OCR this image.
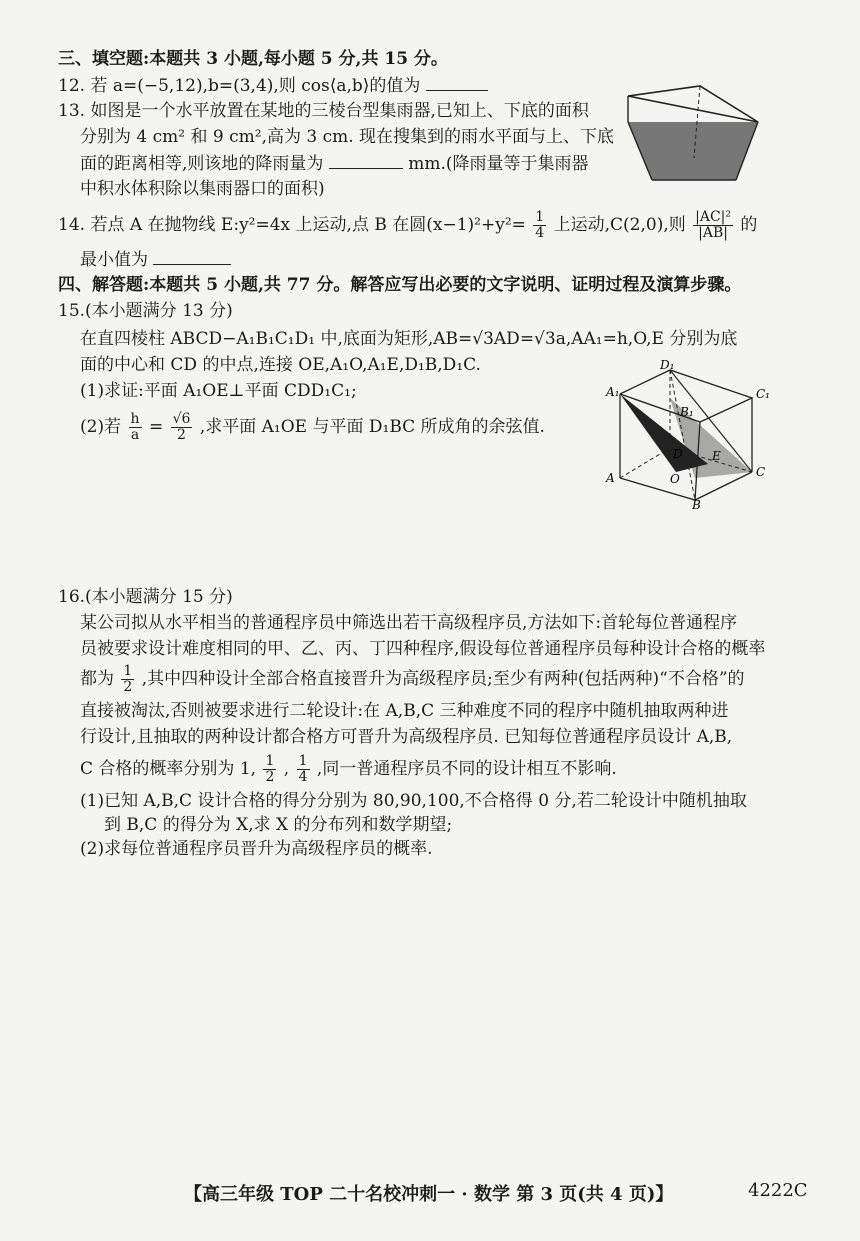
三、填空题:本题共 3 小题,每小题 5 分,共 15 分。
12. 若 a=(−5,12),b=(3,4),则 cos⟨a,b⟩的值为
13. 如图是一个水平放置在某地的三棱台型集雨器,已知上、下底的面积
分别为 4 cm² 和 9 cm²,高为 3 cm. 现在搜集到的雨水平面与上、下底
面的距离相等,则该地的降雨量为	mm.(降雨量等于集雨器
中积水体积除以集雨器口的面积)
14. 若点 A 在抛物线 E:y²=4x 上运动,点 B 在圆$(x-1)^2+y^2= \frac{1}{4}$ 上运动,C(2,0),则 $\frac{\text{|AC|²}}{|AB|}$ 的
最小值为
四、解答题:本题共 5 小题,共 77 分。解答应写出必要的文字说明、证明过程及演算步骤。
15.(本小题满分 13 分)
在直四棱柱 ABCD−A₁B₁C₁D₁ 中,底面为矩形,AB=√3AD=√3a,AA₁=h,O,E 分别为底
面的中心和 CD 的中点,连接 OE,A₁O,A₁E,D₁B,D₁C.
(1)求证:平面 A₁OE⊥平面 CDD₁C₁;
(2)若 $\frac{h}{a} = \frac{√6}{2}$ ,求平面 A₁OE 与平面 D₁BC 所成角的余弦值.
A₁
D₁
B₁
C₁
D E
C
A	O
B
16.(本小题满分 15 分)
某公司拟从水平相当的普通程序员中筛选出若干高级程序员,方法如下:首轮每位普通程序
员被要求设计难度相同的甲、乙、丙、丁四种程序,假设每位普通程序员每种设计合格的概率
都为 $\frac{1}{2}$ ,其中四种设计全部合格直接晋升为高级程序员;至少有两种(包括两种)“不合格”的
直接被淘汰,否则被要求进行二轮设计:在 A,B,C 三种难度不同的程序中随机抽取两种进
行设计,且抽取的两种设计都合格方可晋升为高级程序员. 已知每位普通程序员设计 A,B,
C 合格的概率分别为 1, $\frac{1}{2}$ , $\frac{1}{4}$ ,同一普通程序员不同的设计相互不影响.
(1)已知 A,B,C 设计合格的得分分别为 80,90,100,不合格得 0 分,若二轮设计中随机抽取
到 B,C 的得分为 X,求 X 的分布列和数学期望;
(2)求每位普通程序员晋升为高级程序员的概率.
【高三年级 TOP 二十名校冲刺一 · 数学 第 3 页(共 4 页)】	4222C
